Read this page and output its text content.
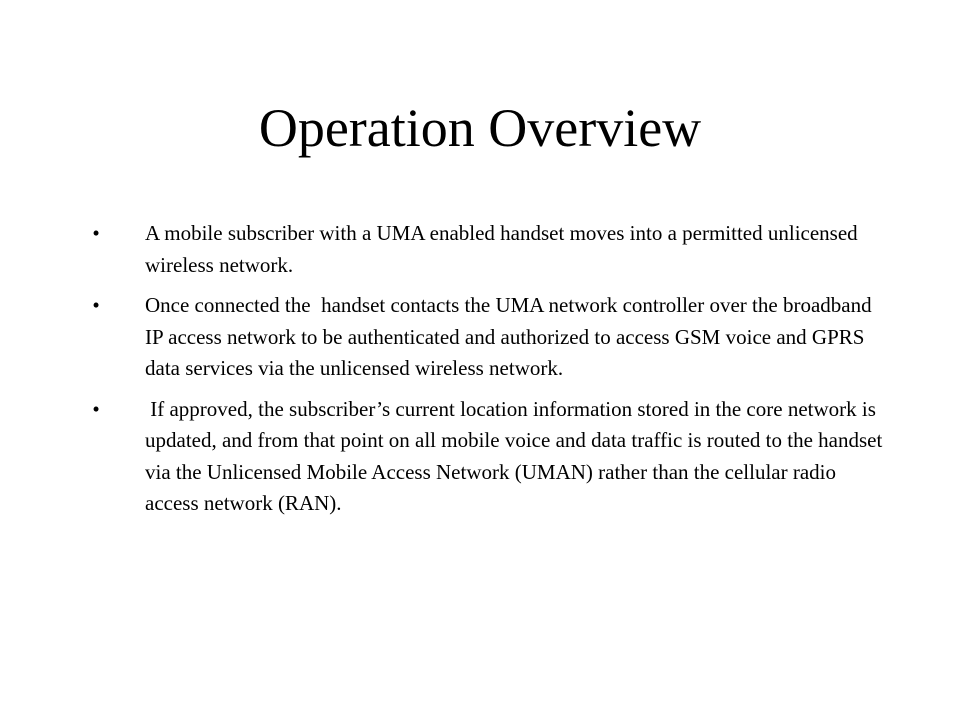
Operation Overview
•	A mobile subscriber with a UMA enabled handset moves into a permitted unlicensed wireless network.
•	Once connected the  handset contacts the UMA network controller over the broadband IP access network to be authenticated and authorized to access GSM voice and GPRS data services via the unlicensed wireless network.
•	If approved, the subscriber’s current location information stored in the core network is updated, and from that point on all mobile voice and data traffic is routed to the handset via the Unlicensed Mobile Access Network (UMAN) rather than the cellular radio access network (RAN).
